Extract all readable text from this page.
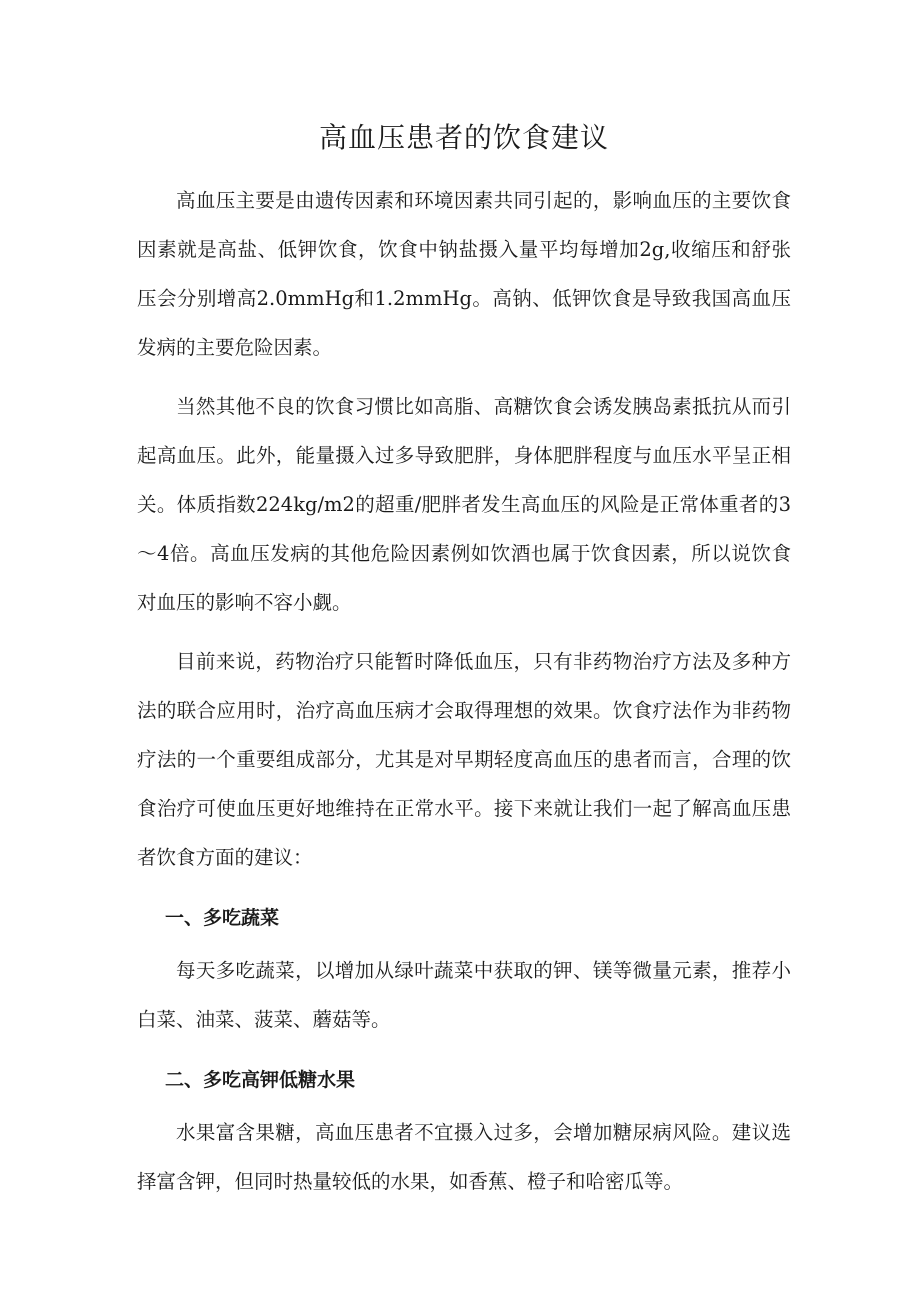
高血压患者的饮食建议

高血压主要是由遗传因素和环境因素共同引起的，影响血压的主要饮食因素就是高盐、低钾饮食，饮食中钠盐摄入量平均每增加2g,收缩压和舒张压会分别增高2.0mmHg和1.2mmHg。高钠、低钾饮食是导致我国高血压发病的主要危险因素。

当然其他不良的饮食习惯比如高脂、高糖饮食会诱发胰岛素抵抗从而引起高血压。此外，能量摄入过多导致肥胖，身体肥胖程度与血压水平呈正相关。体质指数224kg/m2的超重/肥胖者发生高血压的风险是正常体重者的3～4倍。高血压发病的其他危险因素例如饮酒也属于饮食因素，所以说饮食对血压的影响不容小觑。

目前来说，药物治疗只能暂时降低血压，只有非药物治疗方法及多种方法的联合应用时，治疗高血压病才会取得理想的效果。饮食疗法作为非药物疗法的一个重要组成部分，尤其是对早期轻度高血压的患者而言，合理的饮食治疗可使血压更好地维持在正常水平。接下来就让我们一起了解高血压患者饮食方面的建议：

一、多吃蔬菜

每天多吃蔬菜，以增加从绿叶蔬菜中获取的钾、镁等微量元素，推荐小白菜、油菜、菠菜、蘑菇等。

二、多吃高钾低糖水果

水果富含果糖，高血压患者不宜摄入过多，会增加糖尿病风险。建议选择富含钾，但同时热量较低的水果，如香蕉、橙子和哈密瓜等。
